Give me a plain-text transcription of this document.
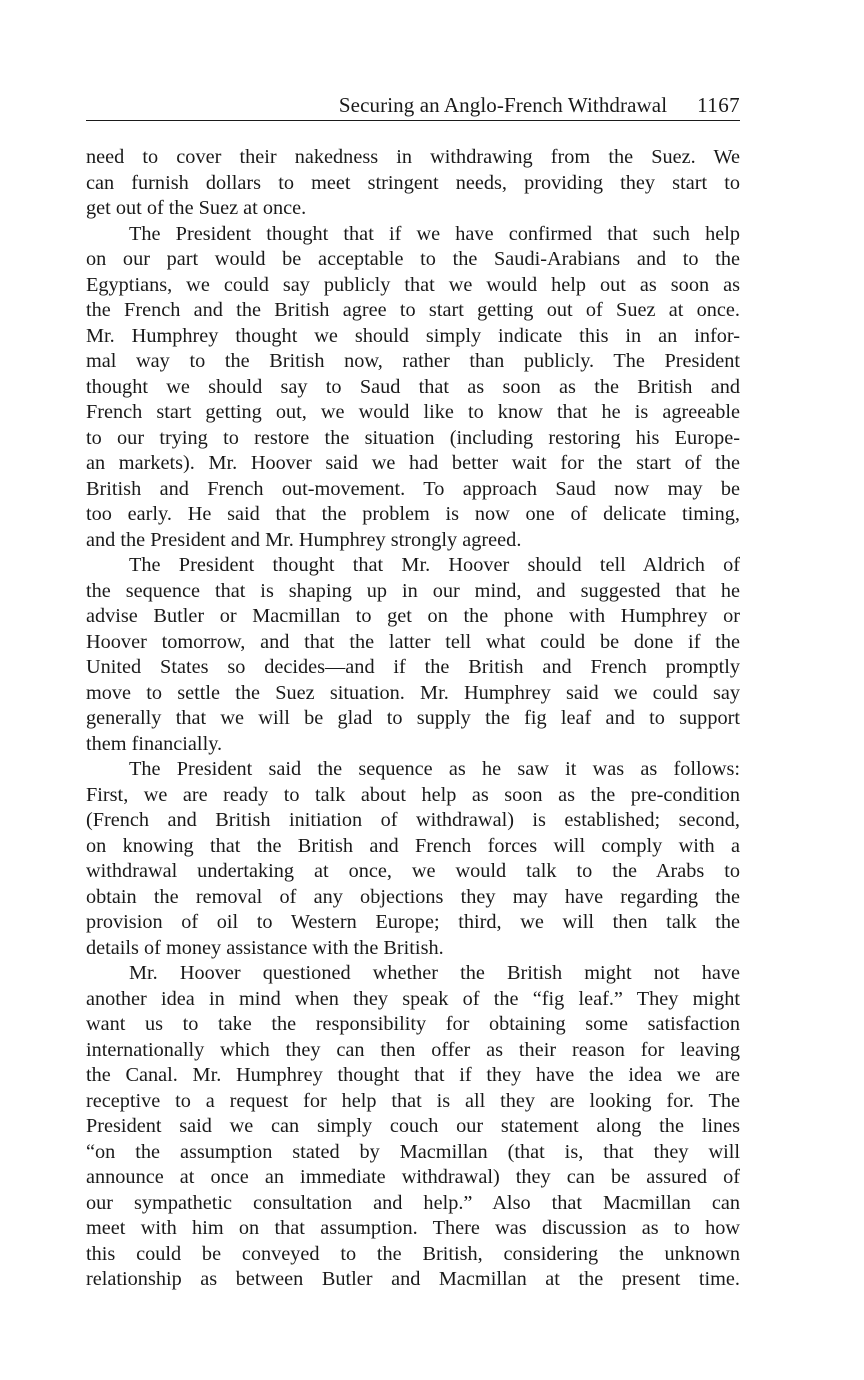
Securing an Anglo-French Withdrawal 1167

need to cover their nakedness in withdrawing from the Suez. We
can furnish dollars to meet stringent needs, providing they start to
get out of the Suez at once.

The President thought that if we have confirmed that such help
on our part would be acceptable to the Saudi-Arabians and to the
Egyptians, we could say publicly that we would help out as soon as
the French and the British agree to start getting out of Suez at once.
Mr. Humphrey thought we should simply indicate this in an infor-
mal way to the British now, rather than publicly. The President
thought we should say to Saud that as soon as the British and
French start getting out, we would like to know that he is agreeable
to our trying to restore the situation (including restoring his Europe-
an markets). Mr. Hoover said we had better wait for the start of the
British and French out-movement. To approach Saud now may be
too early. He said that the problem is now one of delicate timing,
and the President and Mr. Humphrey strongly agreed.

The President thought that Mr. Hoover should tell Aldrich of
the sequence that is shaping up in our mind, and suggested that he
advise Butler or Macmillan to get on the phone with Humphrey or
Hoover tomorrow, and that the latter tell what could be done if the
United States so decides—and if the British and French promptly
move to settle the Suez situation. Mr. Humphrey said we could say
generally that we will be glad to supply the fig leaf and to support
them financially.

The President said the sequence as he saw it was as follows:
First, we are ready to talk about help as soon as the pre-condition
(French and British initiation of withdrawal) is established; second,
on knowing that the British and French forces will comply with a
withdrawal undertaking at once, we would talk to the Arabs to
obtain the removal of any objections they may have regarding the
provision of oil to Western Europe; third, we will then talk the
details of money assistance with the British.

Mr. Hoover questioned whether the British might not have
another idea in mind when they speak of the “fig leaf.” They might
want us to take the responsibility for obtaining some satisfaction
internationally which they can then offer as their reason for leaving
the Canal. Mr. Humphrey thought that if they have the idea we are
receptive to a request for help that is all they are looking for. The
President said we can simply couch our statement along the lines
“on the assumption stated by Macmillan (that is, that they will
announce at once an immediate withdrawal) they can be assured of
our sympathetic consultation and help.” Also that Macmillan can
meet with him on that assumption. There was discussion as to how
this could be conveyed to the British, considering the unknown
relationship as between Butler and Macmillan at the present time.
